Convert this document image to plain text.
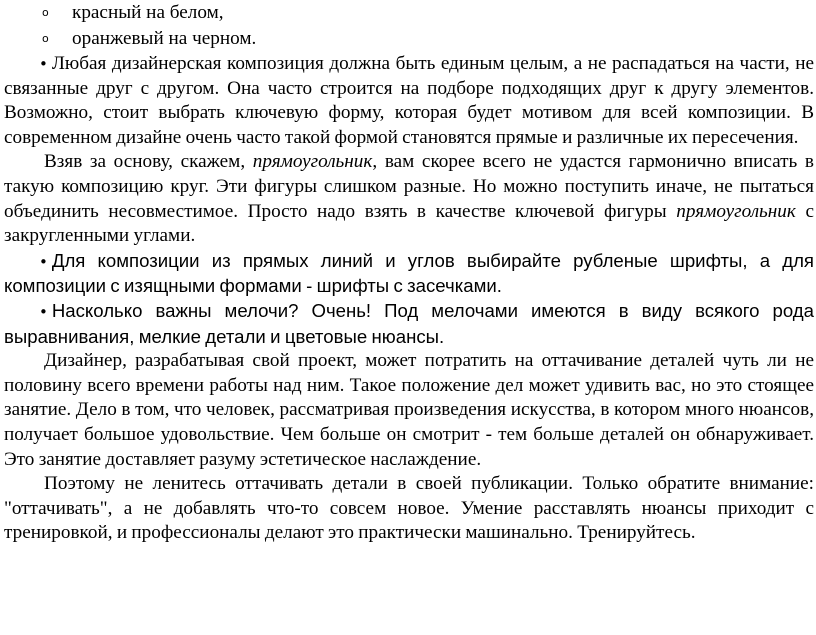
o красный на белом,
o оранжевый на черном.

• Любая дизайнерская композиция должна быть единым целым, а не распадаться на части, не связанные друг с другом. Она часто строится на подборе подходящих друг к другу элементов. Возможно, стоит выбрать ключевую форму, которая будет мотивом для всей композиции. В современном дизайне очень часто такой формой становятся прямые и различные их пересечения.

Взяв за основу, скажем, прямоугольник, вам скорее всего не удастся гармонично вписать в такую композицию круг. Эти фигуры слишком разные. Но можно поступить иначе, не пытаться объединить несовместимое. Просто надо взять в качестве ключевой фигуры прямоугольник с закругленными углами.

• Для композиции из прямых линий и углов выбирайте рубленые шрифты, а для композиции с изящными формами - шрифты с засечками.

• Насколько важны мелочи? Очень! Под мелочами имеются в виду всякого рода выравнивания, мелкие детали и цветовые нюансы.

Дизайнер, разрабатывая свой проект, может потратить на оттачивание деталей чуть ли не половину всего времени работы над ним. Такое положение дел может удивить вас, но это стоящее занятие. Дело в том, что человек, рассматривая произведения искусства, в котором много нюансов, получает большое удовольствие. Чем больше он смотрит - тем больше деталей он обнаруживает. Это занятие доставляет разуму эстетическое наслаждение.

Поэтому не ленитесь оттачивать детали в своей публикации. Только обратите внимание: "оттачивать", а не добавлять что-то совсем новое. Умение расставлять нюансы приходит с тренировкой, и профессионалы делают это практически машинально. Тренируйтесь.
